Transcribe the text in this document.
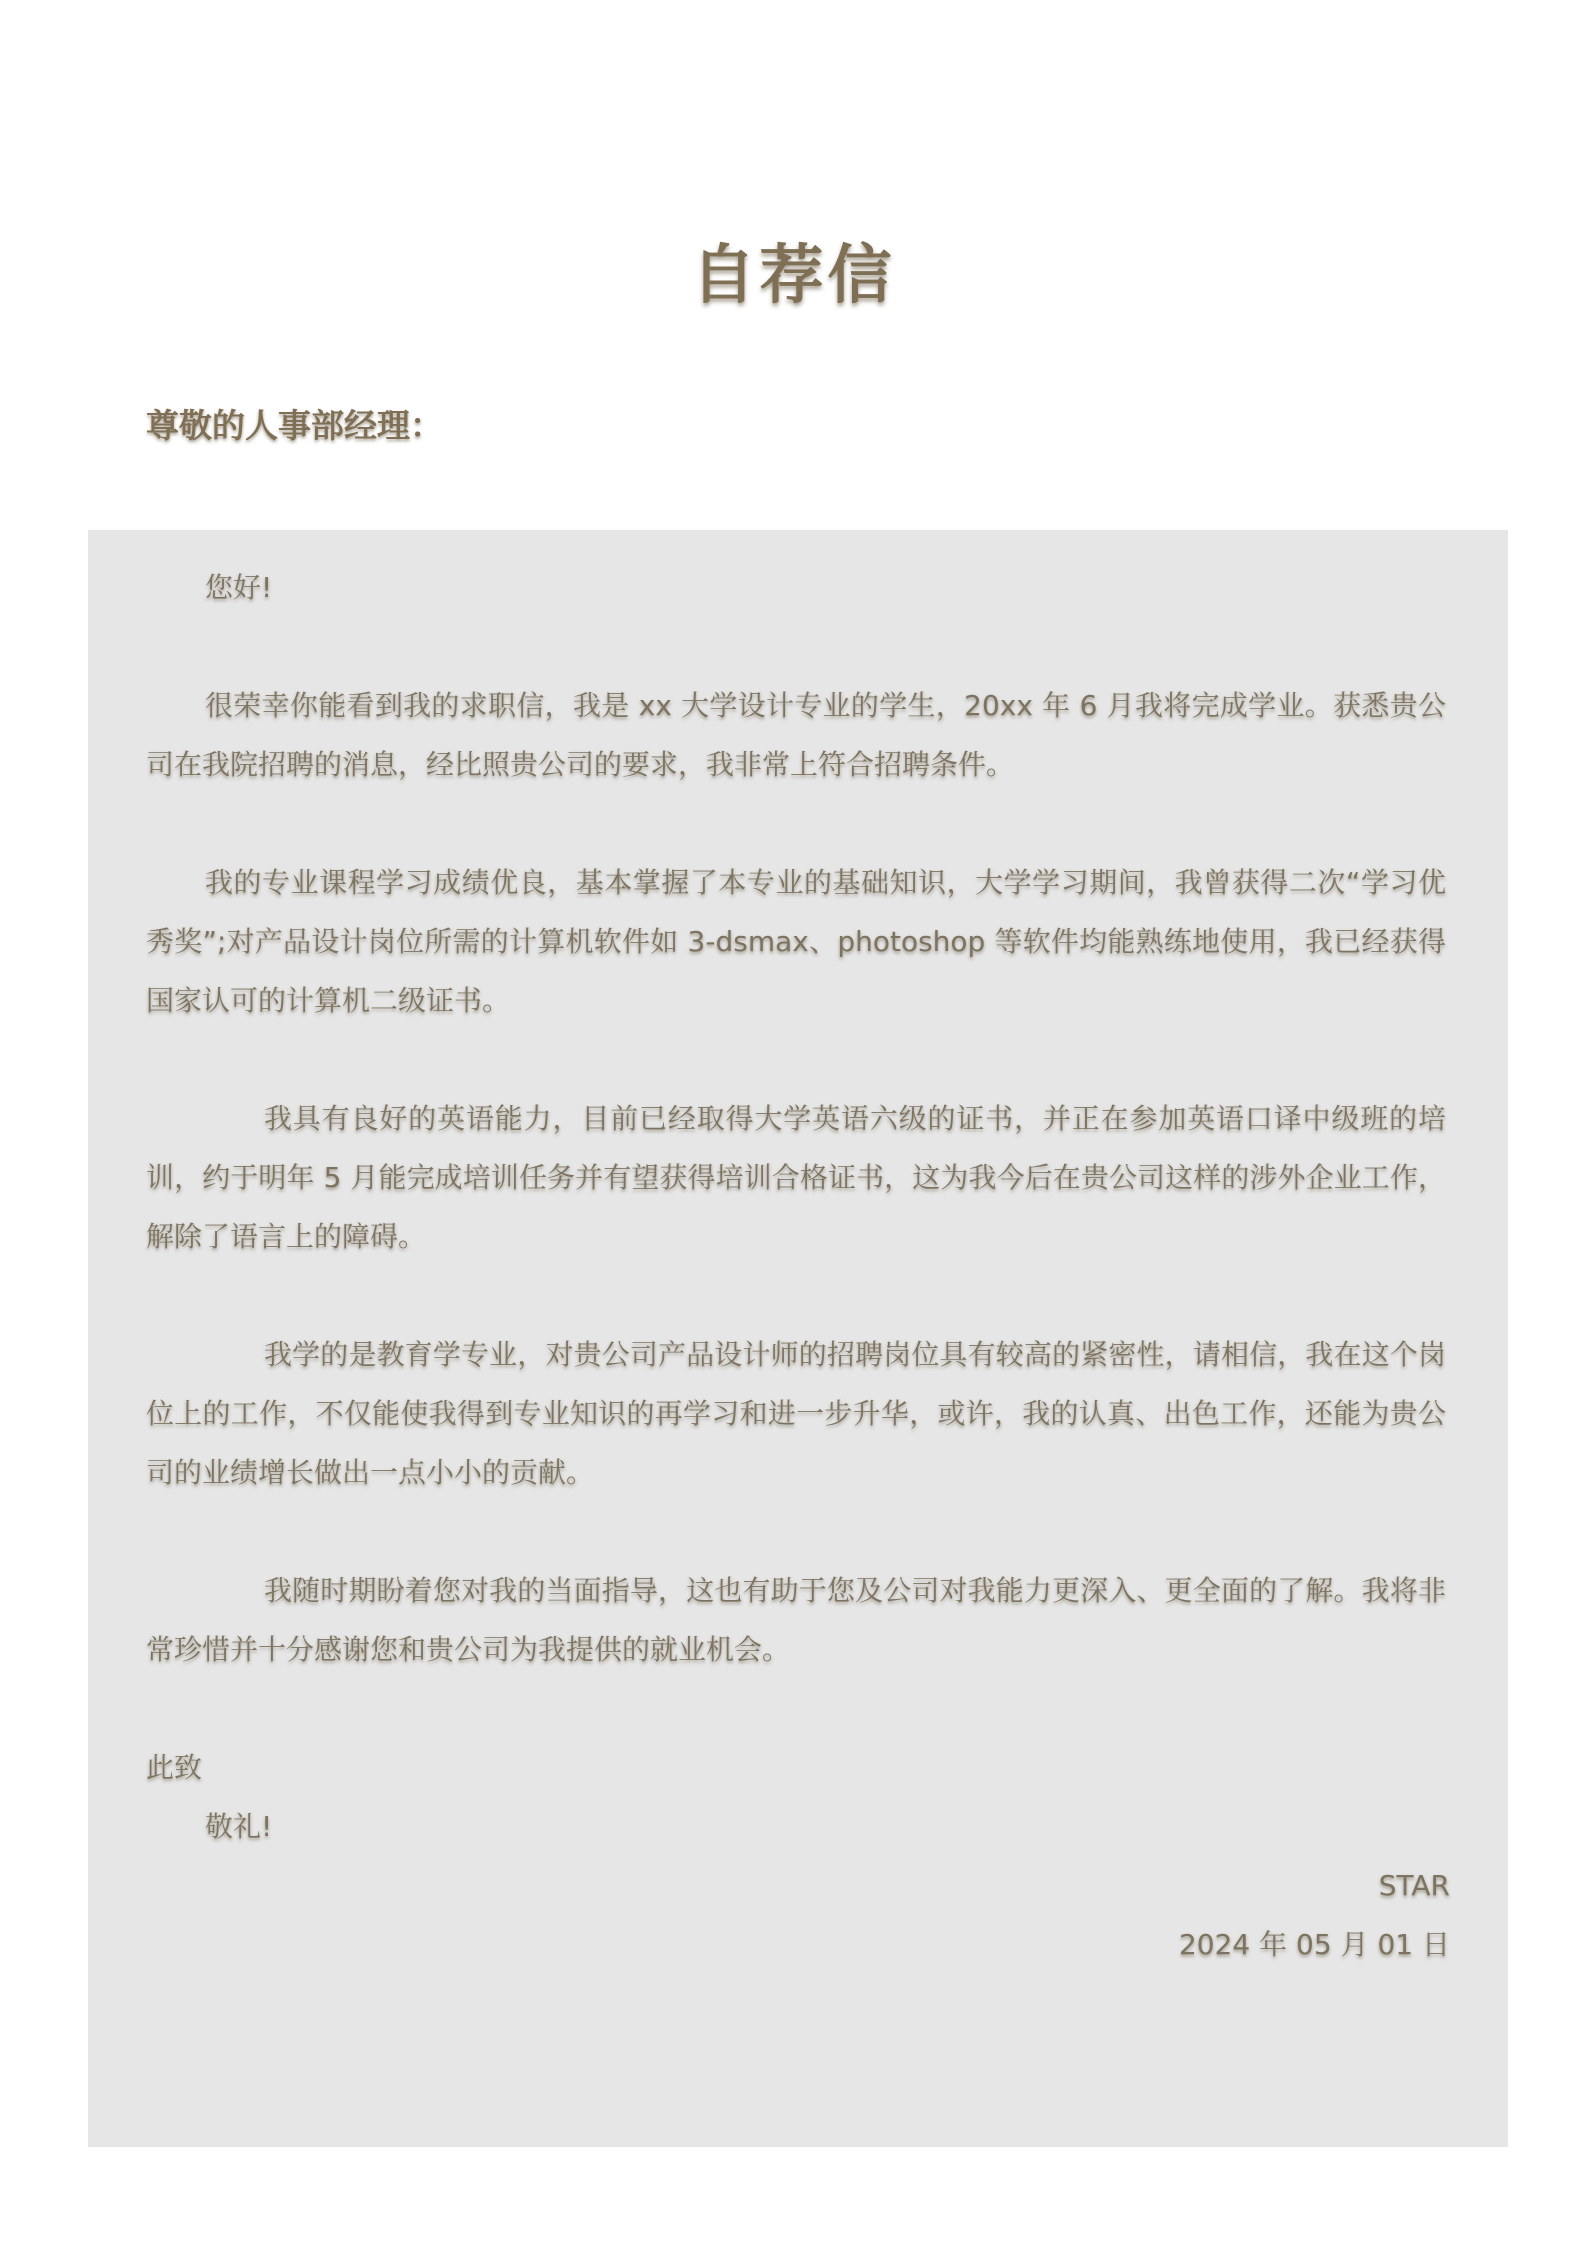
自荐信

尊敬的人事部经理：

您好!

很荣幸你能看到我的求职信，我是 xx 大学设计专业的学生，20xx 年 6 月我将完成学业。获悉贵公司在我院招聘的消息，经比照贵公司的要求，我非常上符合招聘条件。

我的专业课程学习成绩优良，基本掌握了本专业的基础知识，大学学习期间，我曾获得二次“学习优秀奖”;对产品设计岗位所需的计算机软件如 3-dsmax、photoshop 等软件均能熟练地使用，我已经获得国家认可的计算机二级证书。

我具有良好的英语能力，目前已经取得大学英语六级的证书，并正在参加英语口译中级班的培训，约于明年 5 月能完成培训任务并有望获得培训合格证书，这为我今后在贵公司这样的涉外企业工作，解除了语言上的障碍。

我学的是教育学专业，对贵公司产品设计师的招聘岗位具有较高的紧密性，请相信，我在这个岗位上的工作，不仅能使我得到专业知识的再学习和进一步升华，或许，我的认真、出色工作，还能为贵公司的业绩增长做出一点小小的贡献。

我随时期盼着您对我的当面指导，这也有助于您及公司对我能力更深入、更全面的了解。我将非常珍惜并十分感谢您和贵公司为我提供的就业机会。

此致

敬礼!

STAR

2024 年 05 月 01 日
